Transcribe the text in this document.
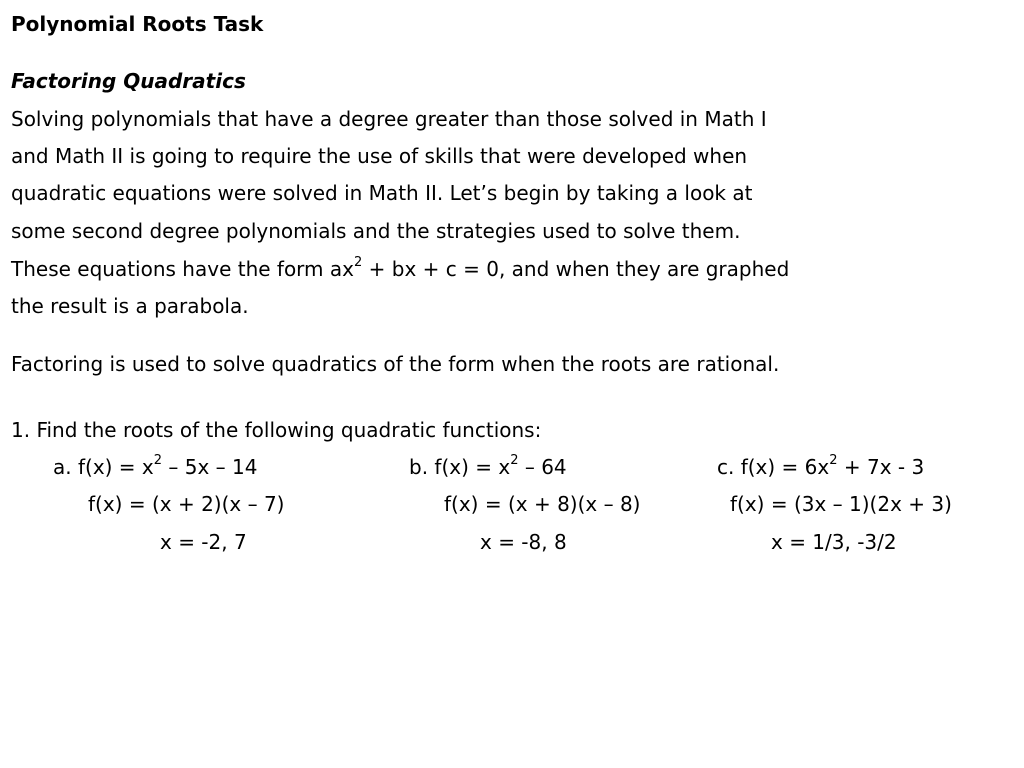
Polynomial Roots Task
Factoring Quadratics
Solving polynomials that have a degree greater than those solved in Math I
and Math II is going to require the use of skills that were developed when
quadratic equations were solved in Math II. Let’s begin by taking a look at
some second degree polynomials and the strategies used to solve them.
These equations have the form $ax^2$ + bx + c = 0, and when they are graphed
the result is a parabola.
Factoring is used to solve quadratics of the form when the roots are rational.
1. Find the roots of the following quadratic functions:
a. $f(x) = x^2 - 5x - 14$
f(x) = (x + 2)(x – 7)
x = -2, 7
b. $f(x) = x^2 - 64$
f(x) = (x + 8)(x – 8)
x = -8, 8
c. $f(x) = 6x^2 + 7x - 3$
f(x) = (3x – 1)(2x + 3)
x = 1/3, -3/2
